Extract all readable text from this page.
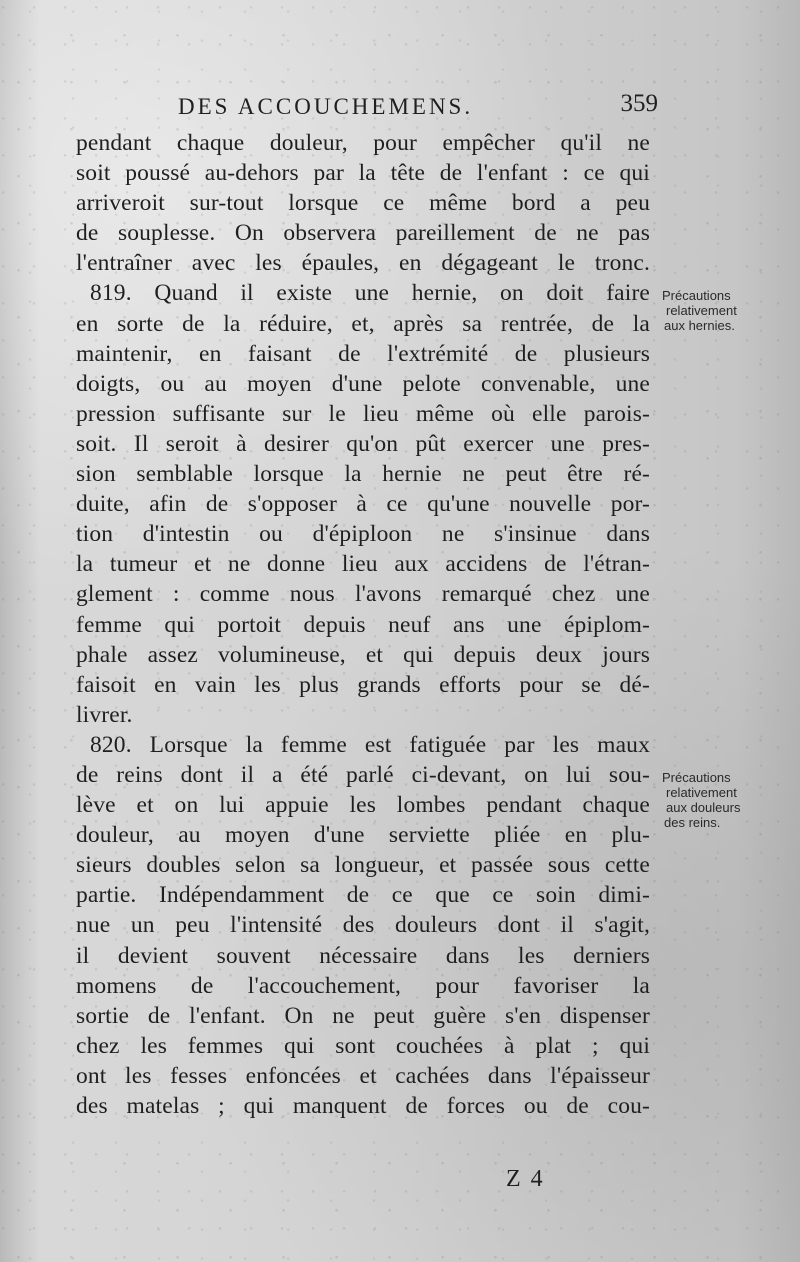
DES ACCOUCHEMENS.	359
pendant chaque douleur, pour empêcher qu'il ne
soit poussé au-dehors par la tête de l'enfant : ce qui
arriveroit sur-tout lorsque ce même bord a peu
de souplesse. On observera pareillement de ne pas
l'entraîner avec les épaules, en dégageant le tronc.
819. Quand il existe une hernie, on doit faire
en sorte de la réduire, et, après sa rentrée, de la
maintenir, en faisant de l'extrémité de plusieurs
doigts, ou au moyen d'une pelote convenable, une
pression suffisante sur le lieu même où elle parois-
soit. Il seroit à desirer qu'on pût exercer une pres-
sion semblable lorsque la hernie ne peut être ré-
duite, afin de s'opposer à ce qu'une nouvelle por-
tion d'intestin ou d'épiploon ne s'insinue dans
la tumeur et ne donne lieu aux accidens de l'étran-
glement : comme nous l'avons remarqué chez une
femme qui portoit depuis neuf ans une épiplom-
phale assez volumineuse, et qui depuis deux jours
faisoit en vain les plus grands efforts pour se dé-
livrer.
820. Lorsque la femme est fatiguée par les maux
de reins dont il a été parlé ci-devant, on lui sou-
lève et on lui appuie les lombes pendant chaque
douleur, au moyen d'une serviette pliée en plu-
sieurs doubles selon sa longueur, et passée sous cette
partie. Indépendamment de ce que ce soin dimi-
nue un peu l'intensité des douleurs dont il s'agit,
il devient souvent nécessaire dans les derniers
momens de l'accouchement, pour favoriser la
sortie de l'enfant. On ne peut guère s'en dispenser
chez les femmes qui sont couchées à plat ; qui
ont les fesses enfoncées et cachées dans l'épaisseur
des matelas ; qui manquent de forces ou de cou-
Précautions
relativement
aux hernies.
Précautions
relativement
aux douleurs
des reins.
Z 4
